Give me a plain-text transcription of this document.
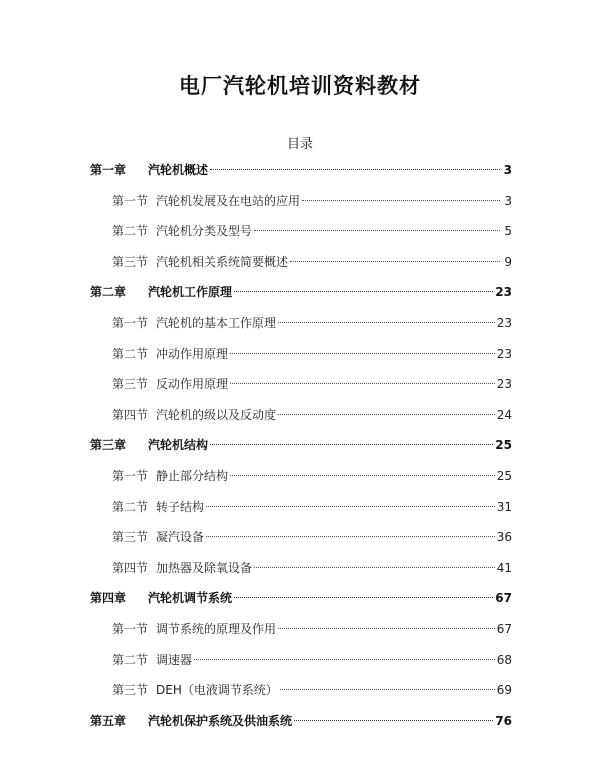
电厂汽轮机培训资料教材
目录
第一章 汽轮机概述	3
第一节 汽轮机发展及在电站的应用	3
第二节 汽轮机分类及型号	5
第三节 汽轮机相关系统简要概述	9
第二章 汽轮机工作原理	23
第一节 汽轮机的基本工作原理	23
第二节 冲动作用原理	23
第三节 反动作用原理	23
第四节 汽轮机的级以及反动度	24
第三章 汽轮机结构	25
第一节 静止部分结构	25
第二节 转子结构	31
第三节 凝汽设备	36
第四节 加热器及除氧设备	41
第四章 汽轮机调节系统	67
第一节 调节系统的原理及作用	67
第二节 调速器	68
第三节 DEH（电液调节系统）	69
第五章 汽轮机保护系统及供油系统	76
